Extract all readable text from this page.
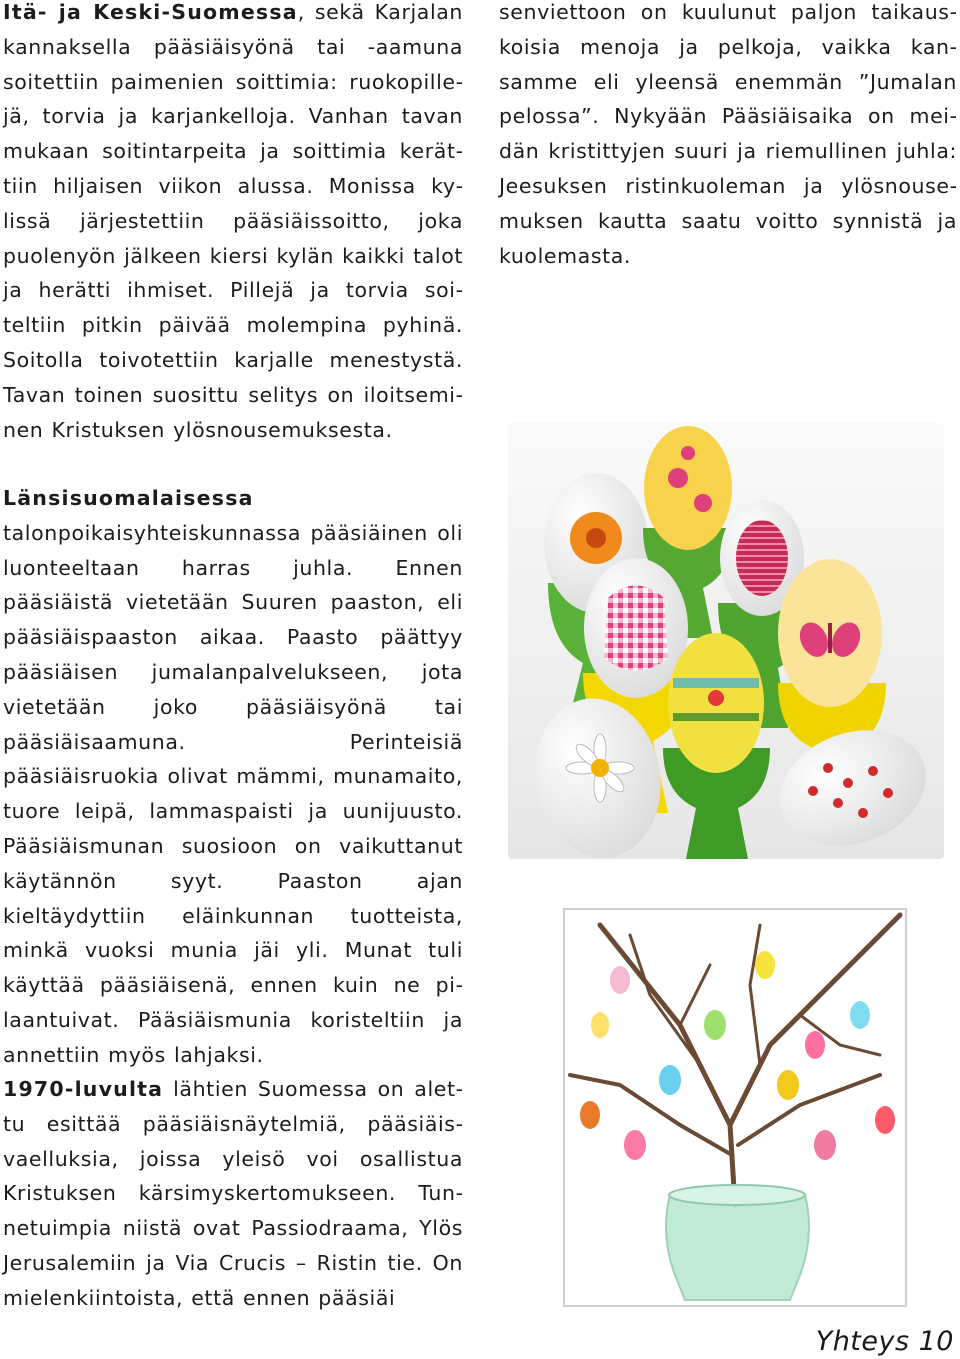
Itä- ja Keski-Suomessa, sekä Karjalan kannaksella pääsiäisyönä tai -aamuna soitettiin paimenien soittimia: ruokopillejä, torvia ja karjankelloja. Vanhan tavan mukaan soitintarpeita ja soittimia kerättiin hiljaisen viikon alussa. Monissa kylissä järjestettiin pääsiäissoitto, joka puolenyön jälkeen kiersi kylän kaikki talot ja herätti ihmiset. Pillejä ja torvia soiteltiin pitkin päivää molempina pyhinä. Soitolla toivotettiin karjalle menestystä. Tavan toinen suosittu selitys on iloitseminen Kristuksen ylösnousemuksesta.

Länsisuomalaisessa talonpoikaisyhteiskunnassa pääsiäinen oli luonteeltaan harras juhla. Ennen pääsiäistä vietetään Suuren paaston, eli pääsiäispaaston aikaa. Paasto päättyy pääsiäisen jumalanpalvelukseen, jota vietetään joko pääsiäisyönä tai pääsiäisaamuna. Perinteisiä pääsiäisruokia olivat mämmi, munamaito, tuore leipä, lammaspaisti ja uunijuusto. Pääsiäismunan suosioon on vaikuttanut käytännön syyt. Paaston ajan kieltäydyttiin eläinkunnan tuotteista, minkä vuoksi munia jäi yli. Munat tuli käyttää pääsiäisenä, ennen kuin ne pilaantuivat. Pääsiäismunia koristeltiin ja annettiin myös lahjaksi.

1970-luvulta lähtien Suomessa on alettu esittää pääsiäisnäytelmiä, pääsiäisvaelluksia, joissa yleisö voi osallistua Kristuksen kärsimyskertomukseen. Tunnetuimpia niistä ovat Passiodraama, Ylös Jerusalemiin ja Via Crucis – Ristin tie. On mielenkiintoista, että ennen pääsiäi

senviettoon on kuulunut paljon taikauskoisia menoja ja pelkoja, vaikka kansamme eli yleensä enemmän ”Jumalan pelossa”. Nykyään Pääsiäisaika on meidän kristittyjen suuri ja riemullinen juhla: Jeesuksen ristinkuoleman ja ylösnousemuksen kautta saatu voitto synnistä ja kuolemasta.

Yhteys 10
